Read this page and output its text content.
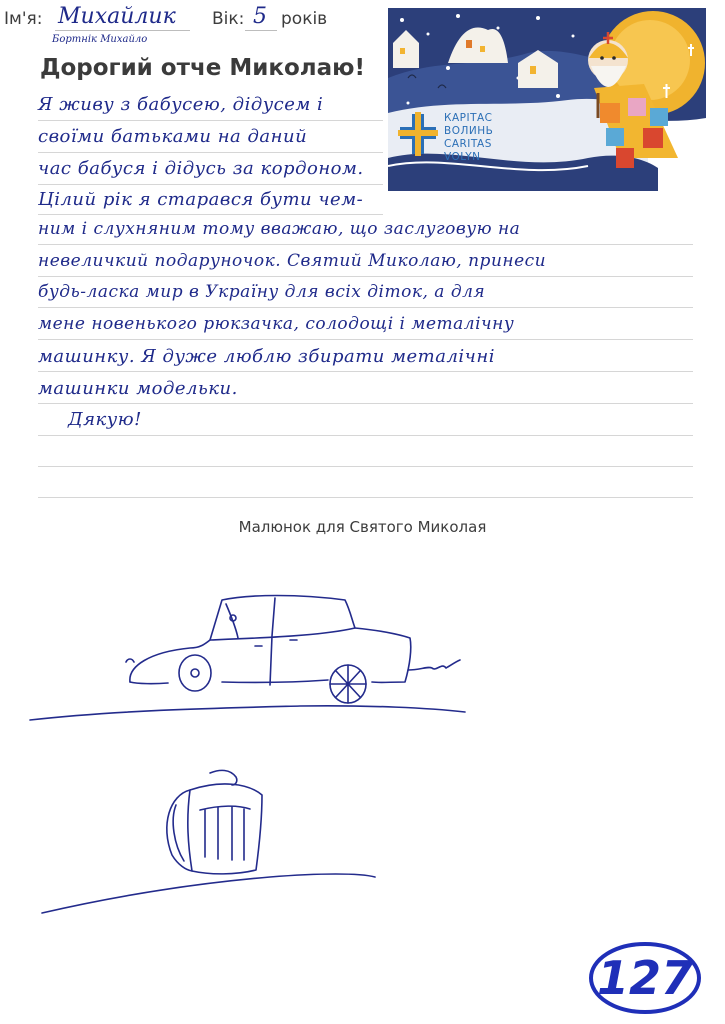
Ім'я: Михайлик Вік: 5 років
Бортнік Михайло
Дорогий отче Миколаю!
КАРІТАС
ВОЛИНЬ
CARITAS
VOLYN
Я живу з бабусею, дідусем і
своїми батьками на даний
час бабуся і дідусь за кордоном.
Цілий рік я старався бути чем-
ним і слухняним тому вважаю, що заслуговую на
невеличкий подаруночок. Святий Миколаю, принеси
будь-ласка мир в Україну для всіх діток, а для
мене новенького рюкзачка, солодощі і металічну
машинку. Я дуже люблю збирати металічні
машинки модельки.
Дякую!
Малюнок для Святого Миколая
127
